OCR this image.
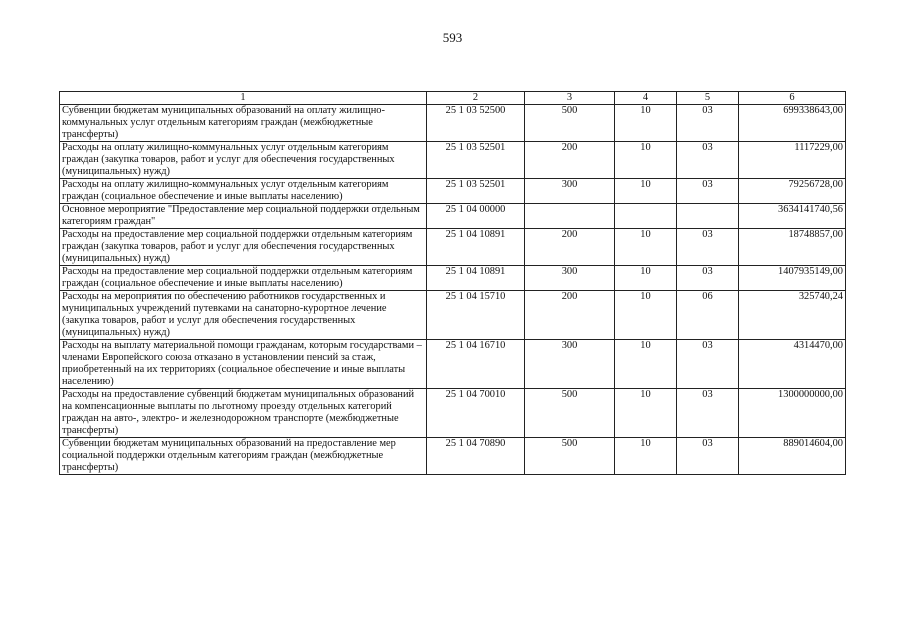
593
1	2	3	4	5	6
Субвенции бюджетам муниципальных образований на оплату жилищно-коммунальных услуг отдельным категориям граждан (межбюджетные трансферты)	25 1 03 52500	500	10	03	699338643,00
Расходы на оплату жилищно-коммунальных услуг отдельным категориям граждан (закупка товаров, работ и услуг для обеспечения государственных (муниципальных) нужд)	25 1 03 52501	200	10	03	1117229,00
Расходы на оплату жилищно-коммунальных услуг отдельным категориям граждан (социальное обеспечение и иные выплаты населению)	25 1 03 52501	300	10	03	79256728,00
Основное мероприятие "Предоставление мер социальной поддержки отдельным категориям граждан"	25 1 04 00000				3634141740,56
Расходы на предоставление мер социальной поддержки отдельным категориям граждан (закупка товаров, работ и услуг для обеспечения государственных (муниципальных) нужд)	25 1 04 10891	200	10	03	18748857,00
Расходы на предоставление мер социальной поддержки отдельным категориям граждан (социальное обеспечение и иные выплаты населению)	25 1 04 10891	300	10	03	1407935149,00
Расходы на мероприятия по обеспечению работников государственных и муниципальных учреждений путевками на санаторно-курортное лечение (закупка товаров, работ и услуг для обеспечения государственных (муниципальных) нужд)	25 1 04 15710	200	10	06	325740,24
Расходы на выплату материальной помощи гражданам, которым государствами – членами Европейского союза отказано в установлении пенсий за стаж, приобретенный на их территориях (социальное обеспечение и иные выплаты населению)	25 1 04 16710	300	10	03	4314470,00
Расходы на предоставление субвенций бюджетам муниципальных образований на компенсационные выплаты по льготному проезду отдельных категорий граждан на авто-, электро- и железнодорожном транспорте (межбюджетные трансферты)	25 1 04 70010	500	10	03	1300000000,00
Субвенции бюджетам муниципальных образований на предоставление мер социальной поддержки отдельным категориям граждан (межбюджетные трансферты)	25 1 04 70890	500	10	03	889014604,00
